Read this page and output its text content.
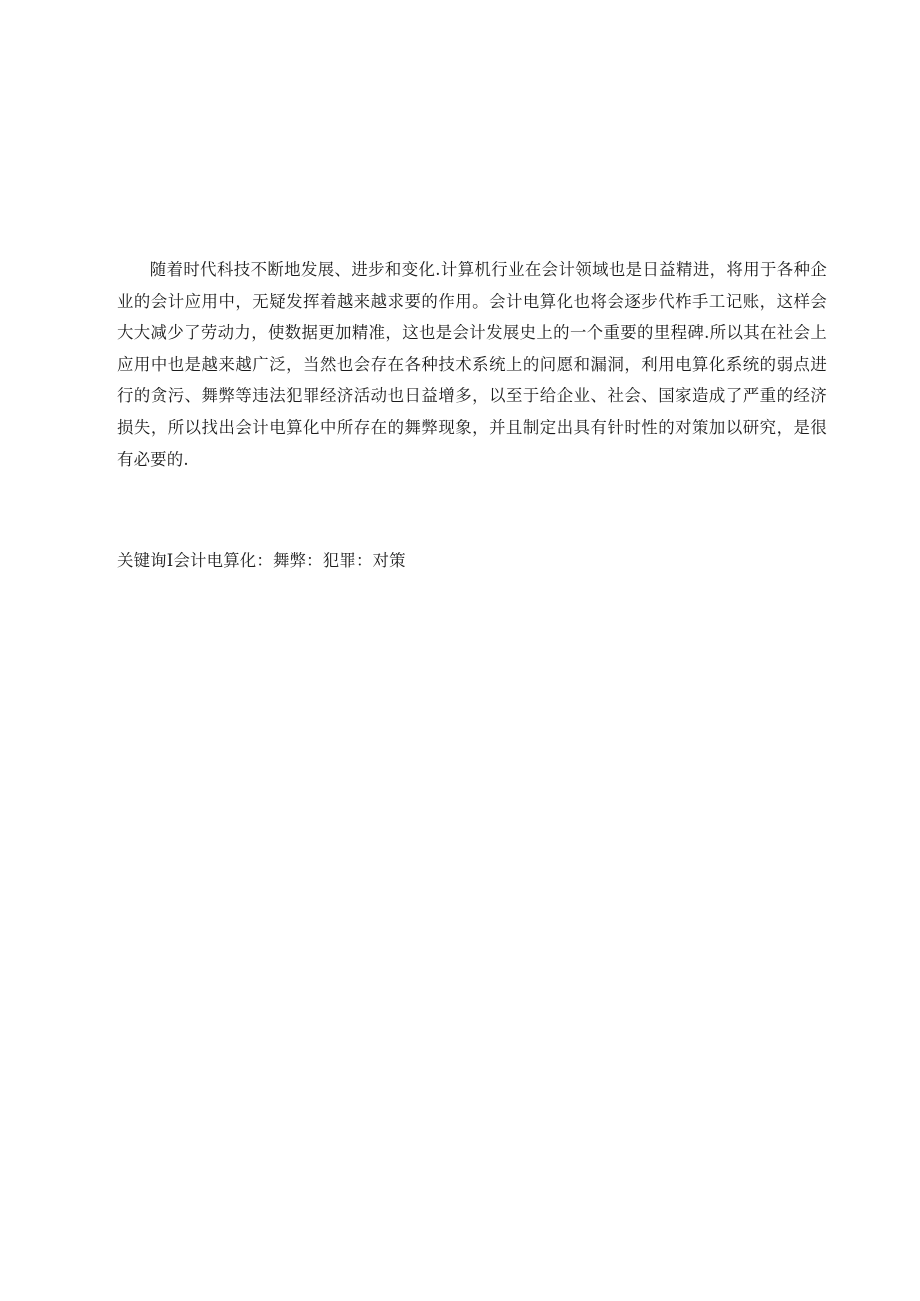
随着时代科技不断地发展、进步和变化.计算机行业在会计领域也是日益精进，将用于各种企业的会计应用中，无疑发挥着越来越求要的作用。会计电算化也将会逐步代柞手工记账，这样会大大减少了劳动力，使数据更加精准，这也是会计发展史上的一个重要的里程碑.所以其在社会上应用中也是越来越广泛，当然也会存在各种技术系统上的问愿和漏洞，利用电算化系统的弱点进行的贪污、舞弊等违法犯罪经济活动也日益增多，以至于给企业、社会、国家造成了严重的经济损失，所以找出会计电算化中所存在的舞弊现象，并且制定出具有针时性的对策加以研究，是很有必要的.

关键询I会计电算化：舞弊：犯罪：对策
